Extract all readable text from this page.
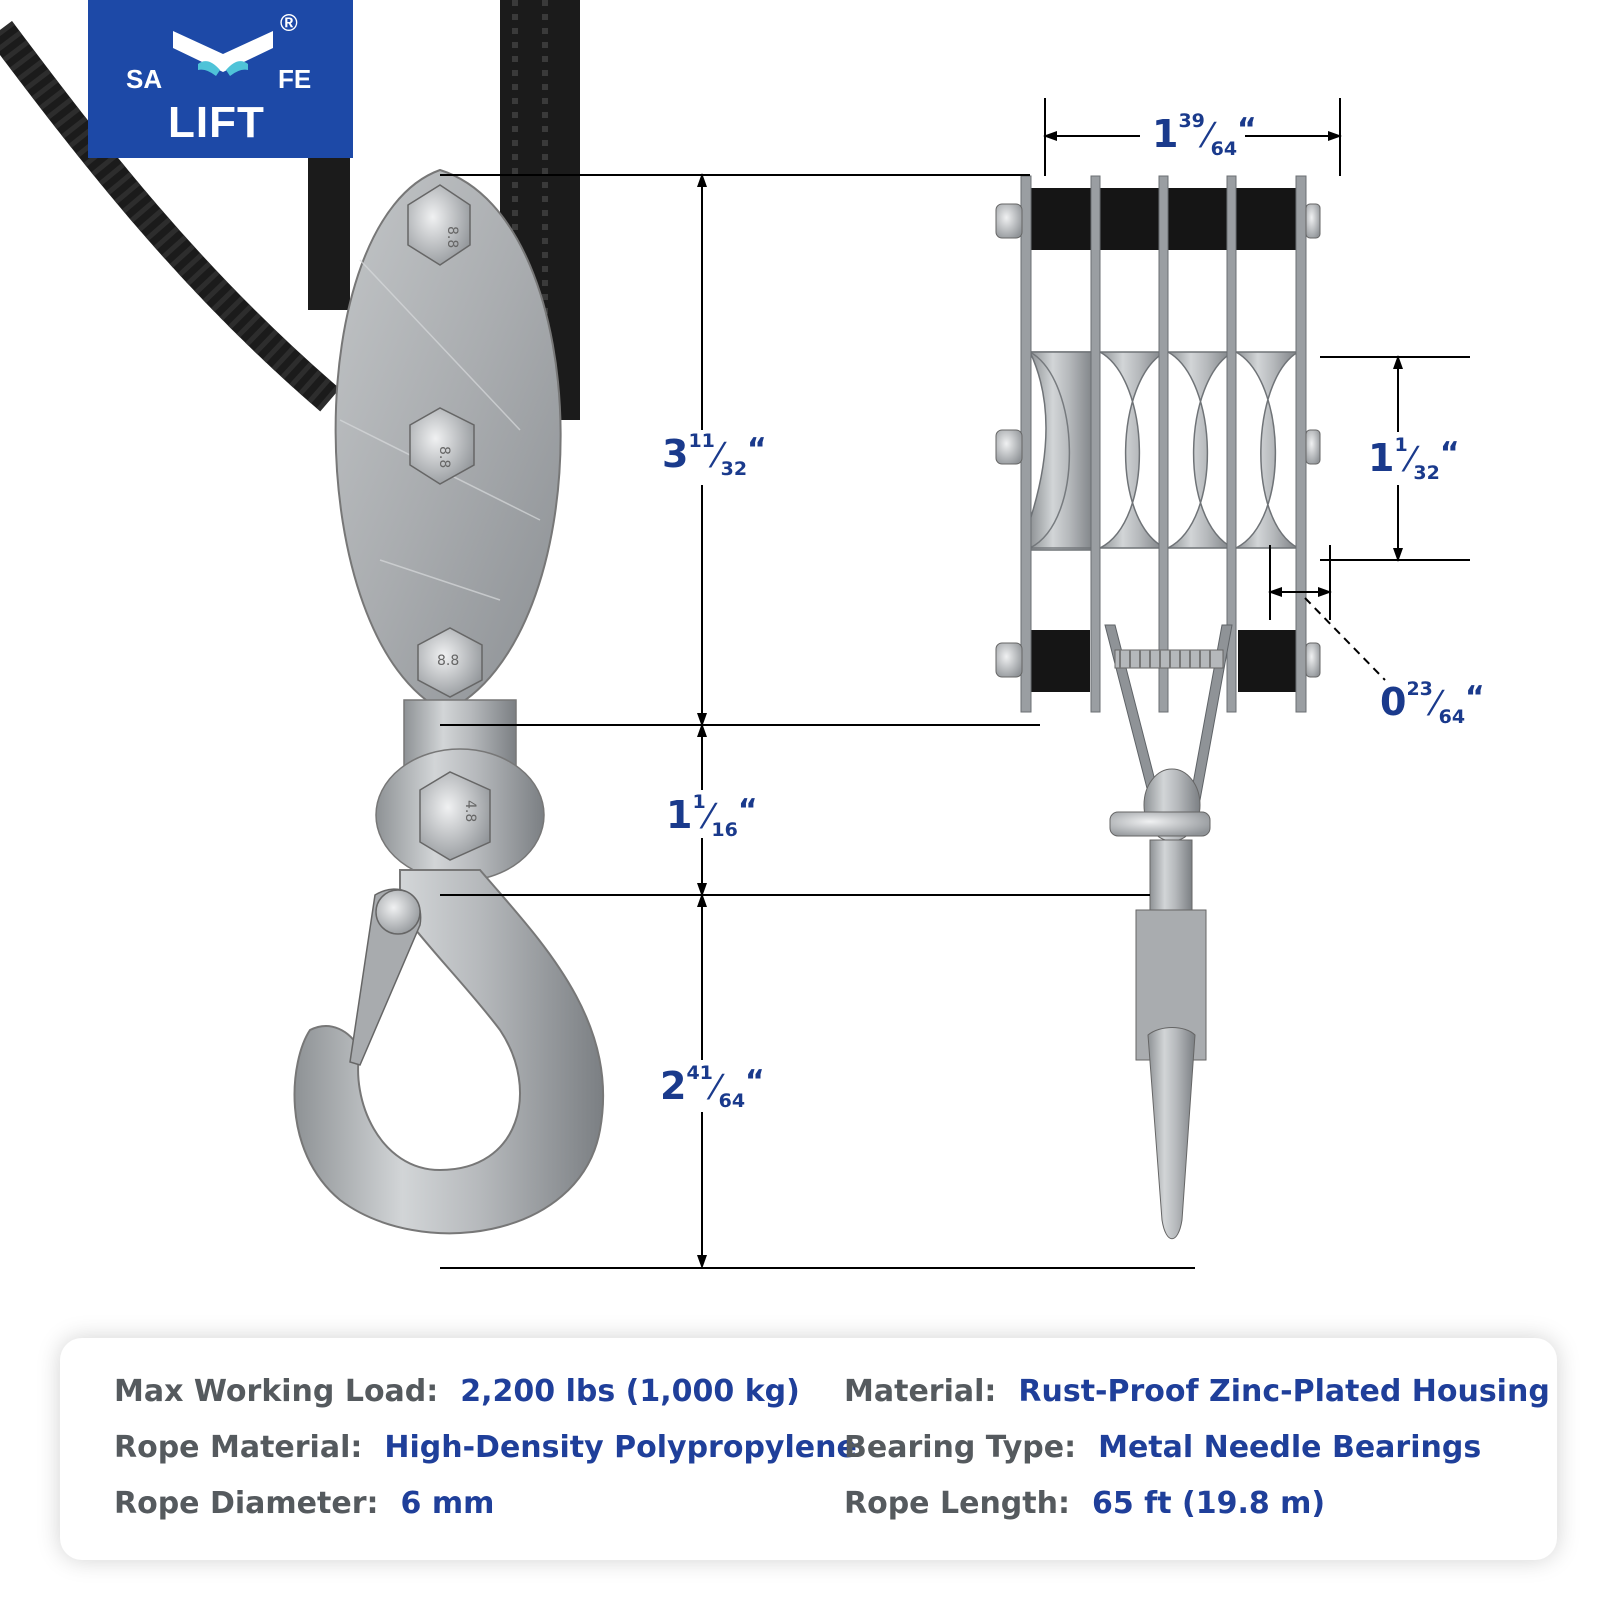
8.8
8.8
8.8
4.8
SA	FE
LIFT
®
$1^{39}⁄_{64}“$
$3^{11}⁄_{32}“$	$1^1⁄_{32}“$
$0^{23}⁄_{64}“$
$1^1⁄_{16}“$
$2^{41}⁄_{64}“$
Max Working Load: 2,200 lbs (1,000 kg)
Rope Material: High-Density Polypropylene
Rope Diameter: 6 mm
Material: Rust-Proof Zinc-Plated Housing
Bearing Type: Metal Needle Bearings
Rope Length: 65 ft (19.8 m)
